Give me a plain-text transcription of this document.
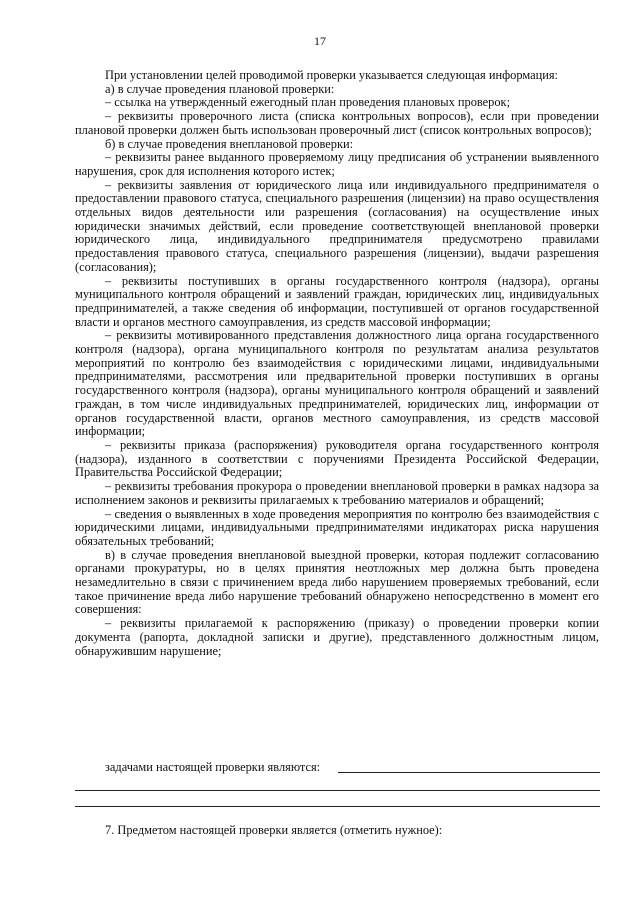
17

При установлении целей проводимой проверки указывается следующая информация:

а) в случае проведения плановой проверки:

– ссылка на утвержденный ежегодный план проведения плановых проверок;

– реквизиты проверочного листа (списка контрольных вопросов), если при проведении плановой проверки должен быть использован проверочный лист (список контрольных вопросов);

б) в случае проведения внеплановой проверки:

– реквизиты ранее выданного проверяемому лицу предписания об устранении выявленного нарушения, срок для исполнения которого истек;

– реквизиты заявления от юридического лица или индивидуального предпринимателя о предоставлении правового статуса, специального разрешения (лицензии) на право осуществления отдельных видов деятельности или разрешения (согласования) на осуществление иных юридически значимых действий, если проведение соответствующей внеплановой проверки юридического лица, индивидуального предпринимателя предусмотрено правилами предоставления правового статуса, специального разрешения (лицензии), выдачи разрешения (согласования);

– реквизиты поступивших в органы государственного контроля (надзора), органы муниципального контроля обращений и заявлений граждан, юридических лиц, индивидуальных предпринимателей, а также сведения об информации, поступившей от органов государственной власти и органов местного самоуправления, из средств массовой информации;

– реквизиты мотивированного представления должностного лица органа государственного контроля (надзора), органа муниципального контроля по результатам анализа результатов мероприятий по контролю без взаимодействия с юридическими лицами, индивидуальными предпринимателями, рассмотрения или предварительной проверки поступивших в органы государственного контроля (надзора), органы муниципального контроля обращений и заявлений граждан, в том числе индивидуальных предпринимателей, юридических лиц, информации от органов государственной власти, органов местного самоуправления, из средств массовой информации;

– реквизиты приказа (распоряжения) руководителя органа государственного контроля (надзора), изданного в соответствии с поручениями Президента Российской Федерации, Правительства Российской Федерации;

– реквизиты требования прокурора о проведении внеплановой проверки в рамках надзора за исполнением законов и реквизиты прилагаемых к требованию материалов и обращений;

– сведения о выявленных в ходе проведения мероприятия по контролю без взаимодействия с юридическими лицами, индивидуальными предпринимателями индикаторах риска нарушения обязательных требований;

в) в случае проведения внеплановой выездной проверки, которая подлежит согласованию органами прокуратуры, но в целях принятия неотложных мер должна быть проведена незамедлительно в связи с причинением вреда либо нарушением проверяемых требований, если такое причинение вреда либо нарушение требований обнаружено непосредственно в момент его совершения:

– реквизиты прилагаемой к распоряжению (приказу) о проведении проверки копии документа (рапорта, докладной записки и другие), представленного должностным лицом, обнаружившим нарушение;

задачами настоящей проверки являются:
7. Предметом настоящей проверки является (отметить нужное):
